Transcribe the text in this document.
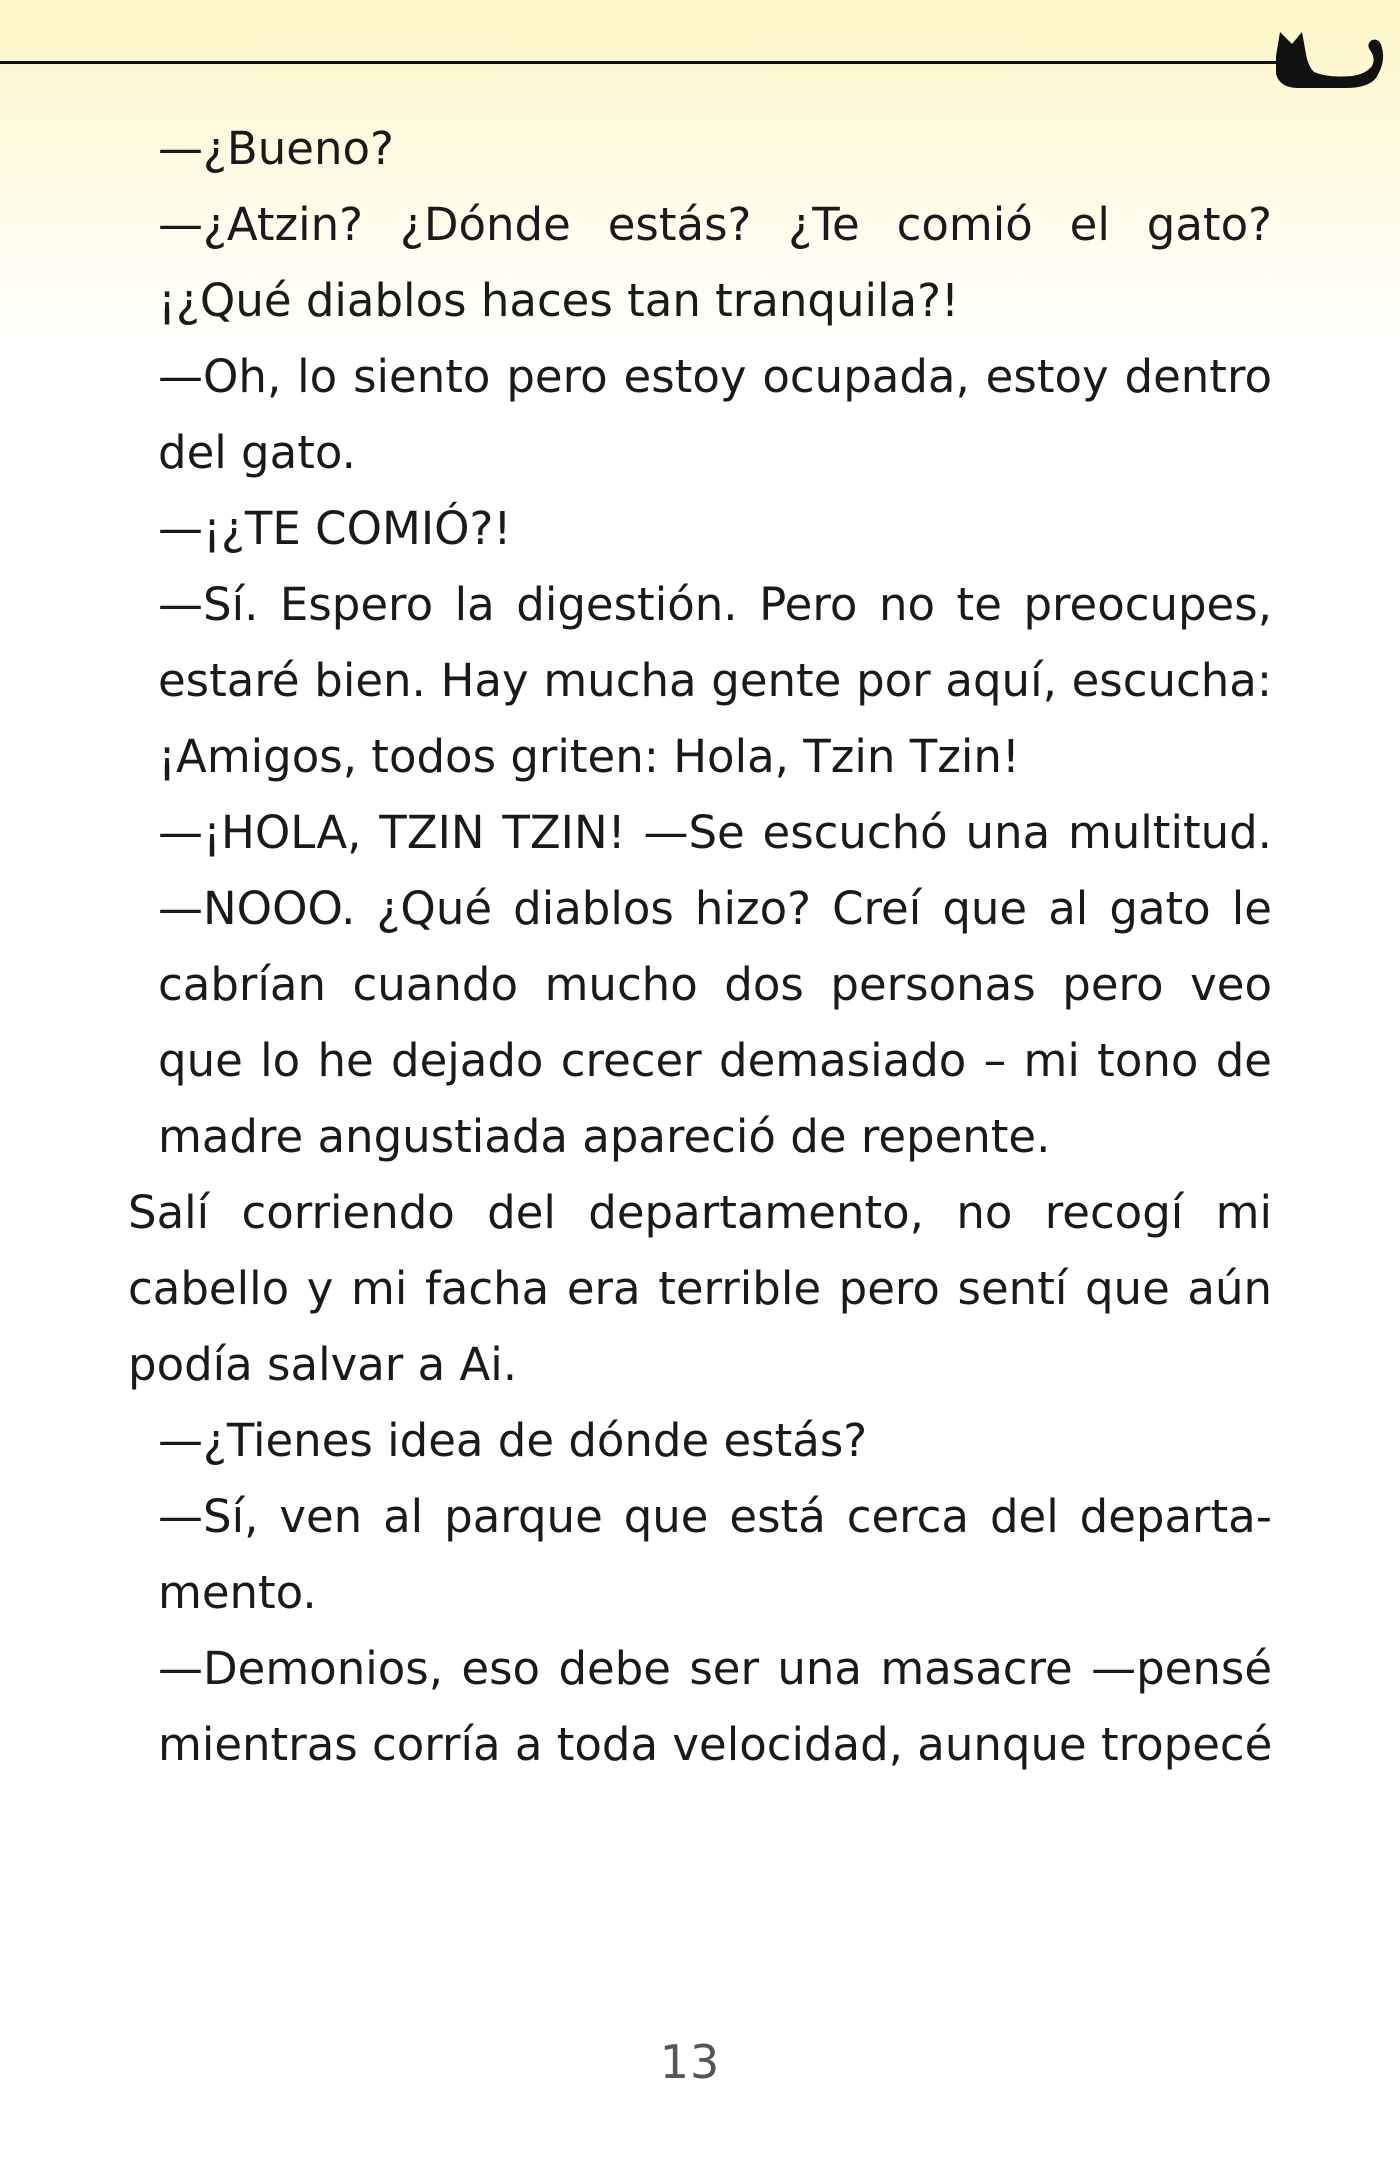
—¿Bueno?
—¿Atzin? ¿Dónde estás? ¿Te comió el gato?
¡¿Qué diablos haces tan tranquila?!
—Oh, lo siento pero estoy ocupada, estoy dentro
del gato.
—¡¿TE COMIÓ?!
—Sí. Espero la digestión. Pero no te preocupes,
estaré bien. Hay mucha gente por aquí, escucha:
¡Amigos, todos griten: Hola, Tzin Tzin!
—¡HOLA, TZIN TZIN! —Se escuchó una multitud.
—NOOO. ¿Qué diablos hizo? Creí que al gato le
cabrían cuando mucho dos personas pero veo
que lo he dejado crecer demasiado – mi tono de
madre angustiada apareció de repente.
Salí corriendo del departamento, no recogí mi
cabello y mi facha era terrible pero sentí que aún
podía salvar a Ai.
—¿Tienes idea de dónde estás?
—Sí, ven al parque que está cerca del departa-
mento.
—Demonios, eso debe ser una masacre —pensé
mientras corría a toda velocidad, aunque tropecé
13
